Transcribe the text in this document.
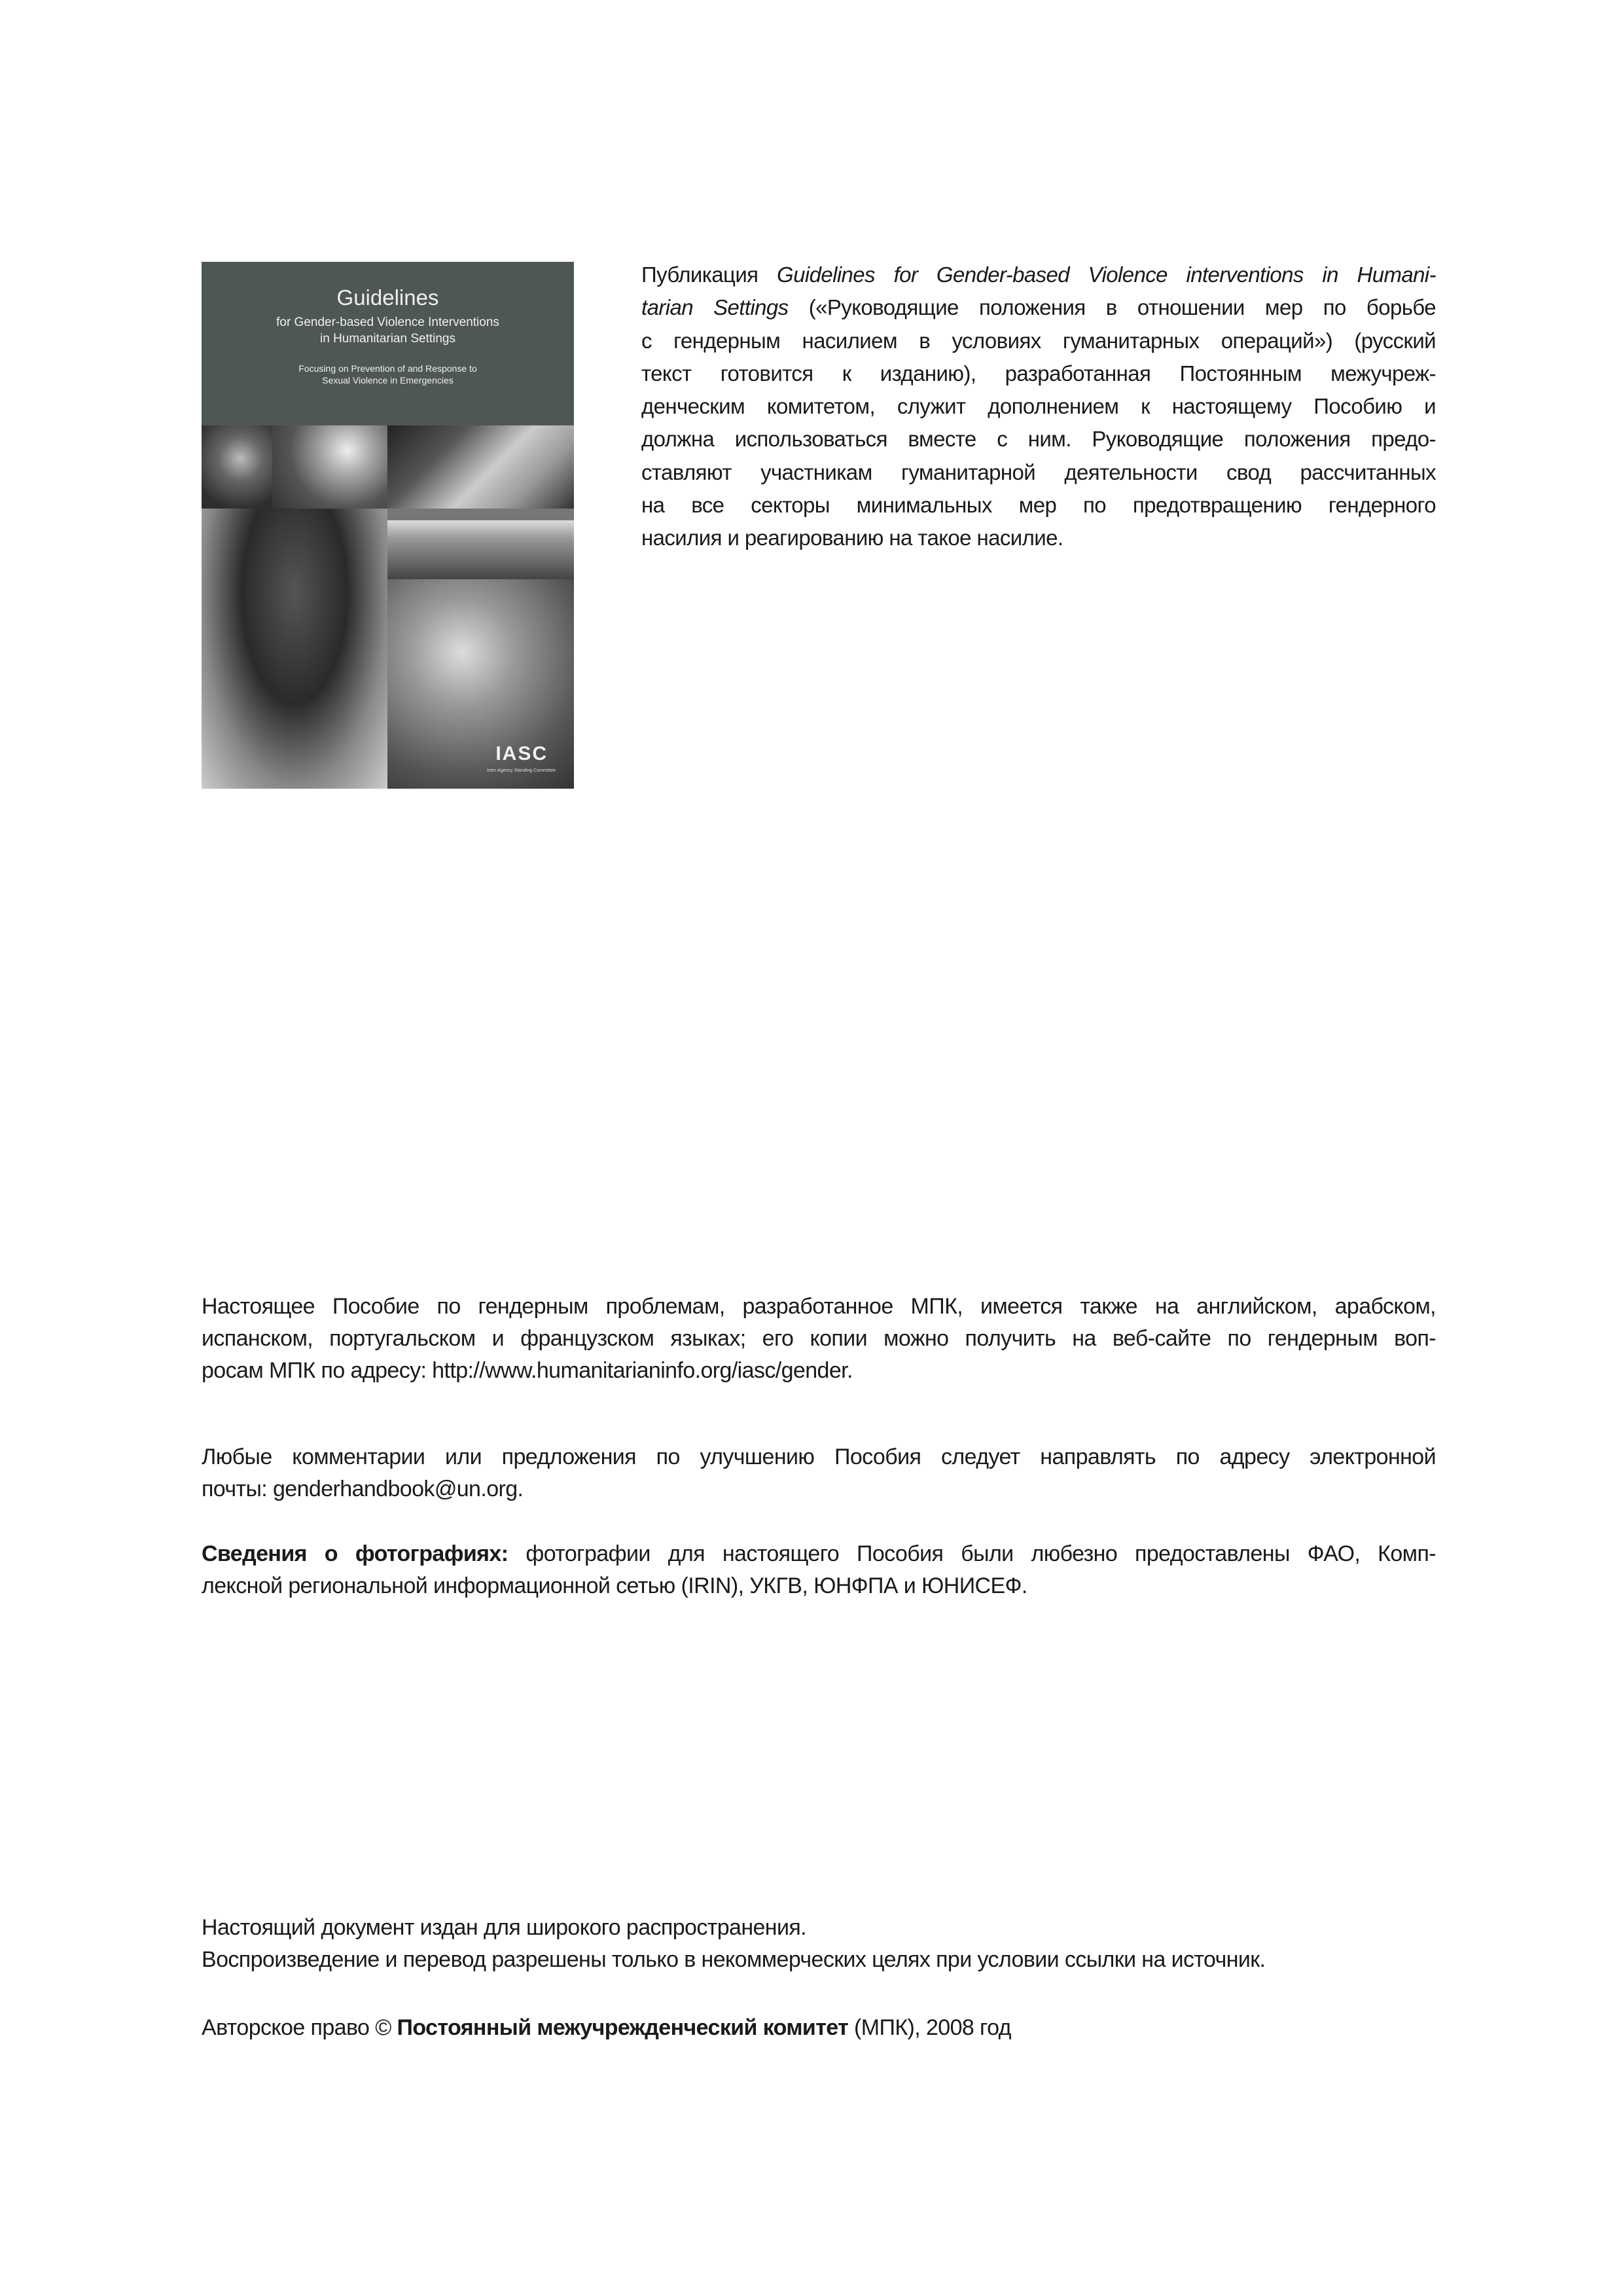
Guidelines
for Gender-based Violence Interventions
in Humanitarian Settings
Focusing on Prevention of and Response to
Sexual Violence in Emergencies
IASC
Inter-Agency Standing Committee
Публикация Guidelines for Gender-based Violence interventions in Humani-
tarian Settings («Руководящие положения в отношении мер по борьбе
с гендерным насилием в условиях гуманитарных операций») (русский
текст готовится к изданию), разработанная Постоянным межучреж-
денческим комитетом, служит дополнением к настоящему Пособию и
должна использоваться вместе с ним. Руководящие положения предо-
ставляют участникам гуманитарной деятельности свод рассчитанных
на все секторы минимальных мер по предотвращению гендерного
насилия и реагированию на такое насилие.
Настоящее Пособие по гендерным проблемам, разработанное МПК, имеется также на английском, арабском,
испанском, португальском и французском языках; его копии можно получить на веб-сайте по гендерным воп-
росам МПК по адресу: http://www.humanitarianinfo.org/iasc/gender.
Любые комментарии или предложения по улучшению Пособия следует направлять по адресу электронной
почты: genderhandbook@un.org.
Сведения о фотографиях: фотографии для настоящего Пособия были любезно предоставлены ФАО, Комп-
лексной региональной информационной сетью (IRIN), УКГВ, ЮНФПА и ЮНИСЕФ.
Настоящий документ издан для широкого распространения.
Воспроизведение и перевод разрешены только в некоммерческих целях при условии ссылки на источник.
Авторское право © Постоянный межучрежденческий комитет (МПК), 2008 год
